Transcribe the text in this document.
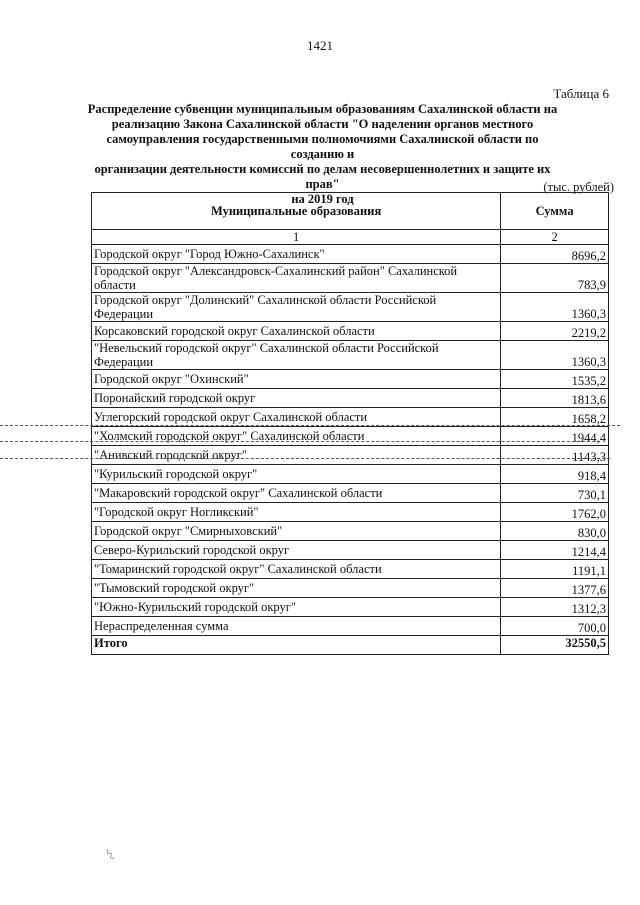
1421
Таблица 6
Распределение субвенции муниципальным образованиям Сахалинской области на
реализацию Закона Сахалинской области "О наделении органов местного
самоуправления государственными полномочиями Сахалинской области по созданию и
организации деятельности комиссий по делам несовершеннолетних и защите их прав"
на 2019 год
(тыс. рублей)
Муниципальные образования	Сумма
1	2
Городской округ "Город Южно-Сахалинск"	8696,2
Городской округ "Александровск-Сахалинский район" Сахалинской области	783,9
Городской округ "Долинский" Сахалинской области Российской Федерации	1360,3
Корсаковский городской округ Сахалинской области	2219,2
"Невельский городской округ" Сахалинской области Российской Федерации	1360,3
Городской округ "Охинский"	1535,2
Поронайский городской округ	1813,6
Углегорский городской округ Сахалинской области	1658,2
"Холмский городской округ" Сахалинской области	1944,4
"Анивский городской округ"	1143,3
"Курильский городской округ"	918,4
"Макаровский городской округ" Сахалинской области	730,1
"Городской округ Ногликский"	1762,0
Городской округ "Смирныховский"	830,0
Северо-Курильский городской округ	1214,4
"Томаринский городской округ" Сахалинской области	1191,1
"Тымовский городской округ"	1377,6
"Южно-Курильский городской округ"	1312,3
Нераспределенная сумма	700,0
Итого	32550,5
〰
